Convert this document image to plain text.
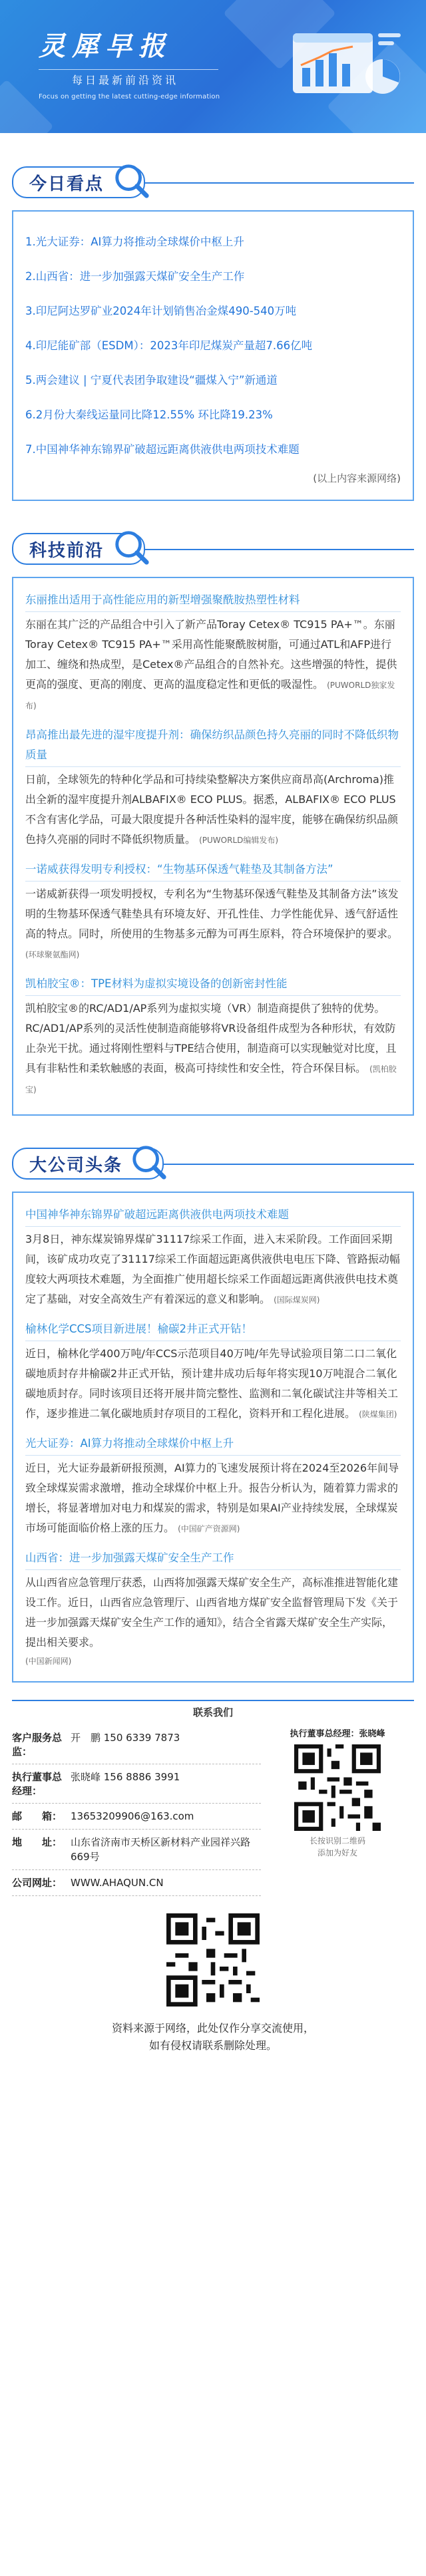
灵犀早报
每日最新前沿资讯
Focus on getting the latest cutting-edge information
今日看点
1.光大证券：AI算力将推动全球煤价中枢上升
2.山西省：进一步加强露天煤矿安全生产工作
3.印尼阿达罗矿业2024年计划销售冶金煤490-540万吨
4.印尼能矿部（ESDM）：2023年印尼煤炭产量超7.66亿吨
5.两会建议 | 宁夏代表团争取建设“疆煤入宁”新通道
6.2月份大秦线运量同比降12.55% 环比降19.23%
7.中国神华神东锦界矿破超远距离供液供电两项技术难题
(以上内容来源网络)
科技前沿
东丽推出适用于高性能应用的新型增强聚酰胺热塑性材料
东丽在其广泛的产品组合中引入了新产品Toray Cetex® TC915 PA+™。东丽Toray Cetex® TC915 PA+™采用高性能聚酰胺树脂，可通过ATL和AFP进行加工、缠绕和热成型，是Cetex®产品组合的自然补充。这些增强的特性，提供更高的强度、更高的刚度、更高的温度稳定性和更低的吸湿性。 (PUWORLD独家发布)
昂高推出最先进的湿牢度提升剂：确保纺织品颜色持久亮丽的同时不降低织物质量
日前，全球领先的特种化学品和可持续染整解决方案供应商昂高(Archroma)推出全新的湿牢度提升剂ALBAFIX® ECO PLUS。据悉，ALBAFIX® ECO PLUS不含有害化学品，可最大限度提升各种活性染料的湿牢度，能够在确保纺织品颜色持久亮丽的同时不降低织物质量。 (PUWORLD编辑发布)
一诺威获得发明专利授权：“生物基环保透气鞋垫及其制备方法”
一诺威新获得一项发明授权，专利名为“生物基环保透气鞋垫及其制备方法”该发明的生物基环保透气鞋垫具有环境友好、开孔性佳、力学性能优异、透气舒适性高的特点。同时，所使用的生物基多元醇为可再生原料，符合环境保护的要求。 (环球聚氨酯网)
凯柏胶宝®：TPE材料为虚拟实境设备的创新密封性能
凯柏胶宝®的RC/AD1/AP系列为虚拟实境（VR）制造商提供了独特的优势。RC/AD1/AP系列的灵活性使制造商能够将VR设备组件成型为各种形状，有效防止杂光干扰。通过将刚性塑料与TPE结合使用，制造商可以实现触觉对比度，且具有非粘性和柔软触感的表面，极高可持续性和安全性，符合环保目标。 (凯柏胶宝)
大公司头条
中国神华神东锦界矿破超远距离供液供电两项技术难题
3月8日，神东煤炭锦界煤矿31117综采工作面，进入末采阶段。工作面回采期间，该矿成功攻克了31117综采工作面超远距离供液供电电压下降、管路振动幅度较大两项技术难题，为全面推广使用超长综采工作面超远距离供液供电技术奠定了基础，对安全高效生产有着深远的意义和影响。 (国际煤炭网)
榆林化学CCS项目新进展！榆碳2井正式开钻！
近日，榆林化学400万吨/年CCS示范项目40万吨/年先导试验项目第二口二氧化碳地质封存井榆碳2井正式开钻，预计建井成功后每年将实现10万吨混合二氧化碳地质封存。同时该项目还将开展井筒完整性、监测和二氧化碳试注井等相关工作，逐步推进二氧化碳地质封存项目的工程化，资料开和工程化进展。 (陕煤集团)
光大证券：AI算力将推动全球煤价中枢上升
近日，光大证券最新研报预测，AI算力的飞速发展预计将在2024至2026年间导致全球煤炭需求激增，推动全球煤价中枢上升。报告分析认为，随着算力需求的增长，将显著增加对电力和煤炭的需求，特别是如果AI产业持续发展，全球煤炭市场可能面临价格上涨的压力。 (中国矿产资源网)
山西省：进一步加强露天煤矿安全生产工作
从山西省应急管理厅获悉，山西将加强露天煤矿安全生产，高标准推进智能化建设工作。近日，山西省应急管理厅、山西省地方煤矿安全监督管理局下发《关于进一步加强露天煤矿安全生产工作的通知》，结合全省露天煤矿安全生产实际，提出相关要求。
(中国新闻网)
联系我们
客户服务总监：
开　鹏 150 6339 7873
执行董事总经理：
张晓峰 156 8886 3991
邮　　箱： 13653209906@163.com
地　　址： 山东省济南市天桥区新材料产业园祥兴路669号
公司网址： WWW.AHAQUN.CN
执行董事总经理：张晓峰
长按识别二维码
添加为好友
资料来源于网络，此处仅作分享交流使用，
如有侵权请联系删除处理。
